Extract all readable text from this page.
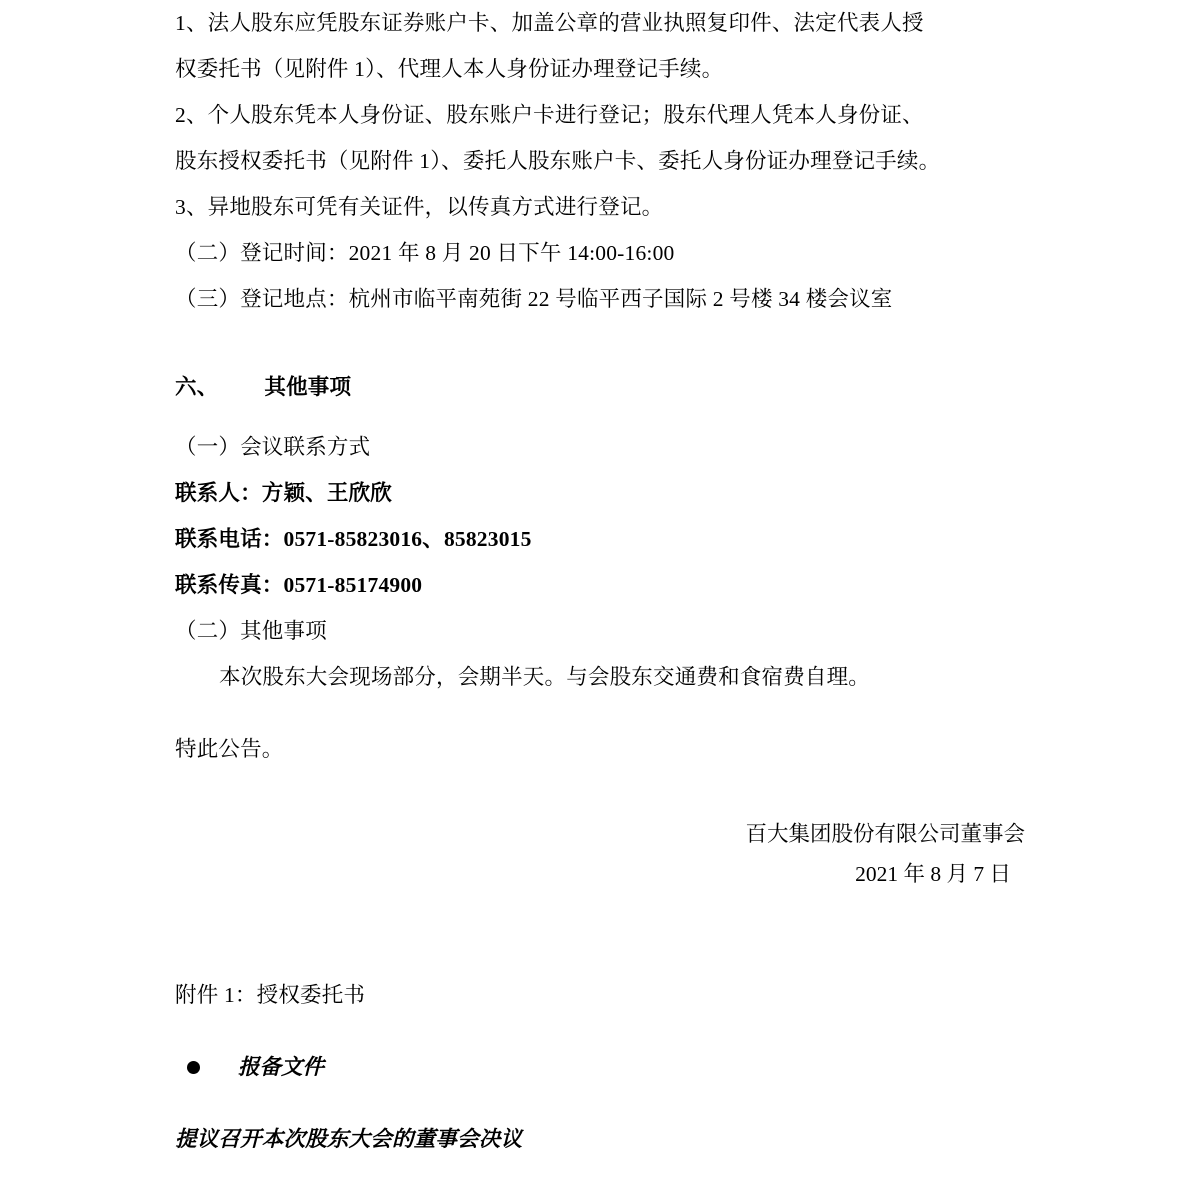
1、法人股东应凭股东证券账户卡、加盖公章的营业执照复印件、法定代表人授
权委托书（见附件 1）、代理人本人身份证办理登记手续。
2、个人股东凭本人身份证、股东账户卡进行登记；股东代理人凭本人身份证、
股东授权委托书（见附件 1）、委托人股东账户卡、委托人身份证办理登记手续。
3、异地股东可凭有关证件，以传真方式进行登记。
（二）登记时间：2021 年 8 月 20 日下午 14:00-16:00
（三）登记地点：杭州市临平南苑街 22 号临平西子国际 2 号楼 34 楼会议室
六、 其他事项
（一）会议联系方式
联系人：方颖、王欣欣
联系电话：0571-85823016、85823015
联系传真：0571-85174900
（二）其他事项
本次股东大会现场部分，会期半天。与会股东交通费和食宿费自理。
特此公告。
百大集团股份有限公司董事会
2021 年 8 月 7 日
附件 1：授权委托书
报备文件
提议召开本次股东大会的董事会决议
